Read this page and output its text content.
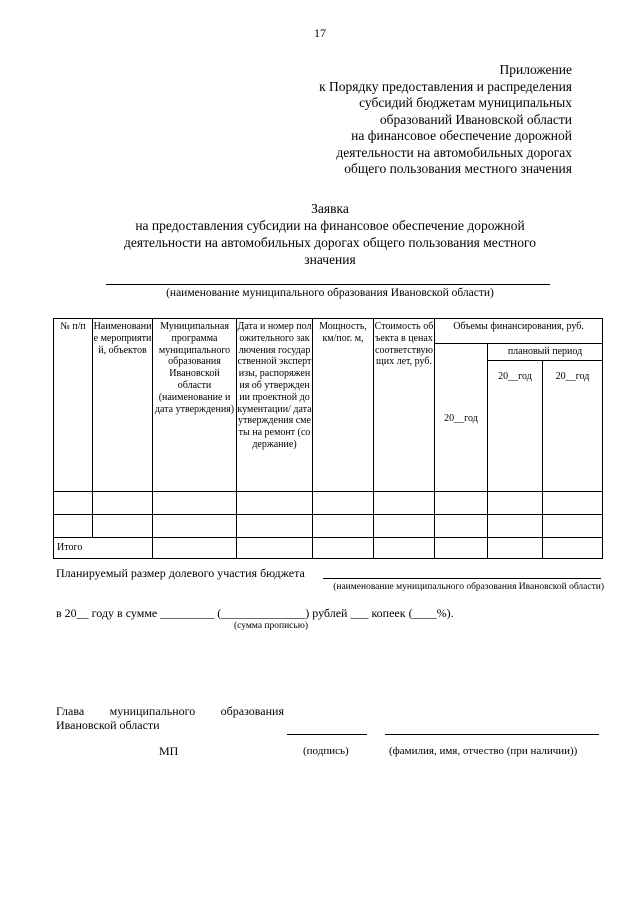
17
Приложение
к Порядку предоставления и распределения
субсидий бюджетам муниципальных
образований Ивановской области
на финансовое обеспечение дорожной
деятельности на автомобильных дорогах
общего пользования местного значения
Заявка
на предоставления субсидии на финансовое обеспечение дорожной
деятельности на автомобильных дорогах общего пользования местного
значения
(наименование муниципального образования Ивановской области)
№ п/п	Наименование мероприятий, объектов	Муниципальная программа муниципального образования Ивановской области (наименование и дата утверждения)	Дата и номер положительного заключения государственной экспертизы, распоряжения об утверждении проектной документации/ дата утверждения сметы на ремонт (содержание)	Мощность, км/пог. м,	Стоимость объекта в ценах соответствующих лет, руб.	Объемы финансирования, руб.		
						20__год	плановый период	
							20__год	20__год

Итого								
Планируемый размер долевого участия бюджета
(наименование муниципального образования Ивановской области)
в 20__ году в сумме _________ (______________) рублей ___ копеек (____%).
(сумма прописью)
Глава муниципального образования
Ивановской области
МП	(подпись)	(фамилия, имя, отчество (при наличии))
